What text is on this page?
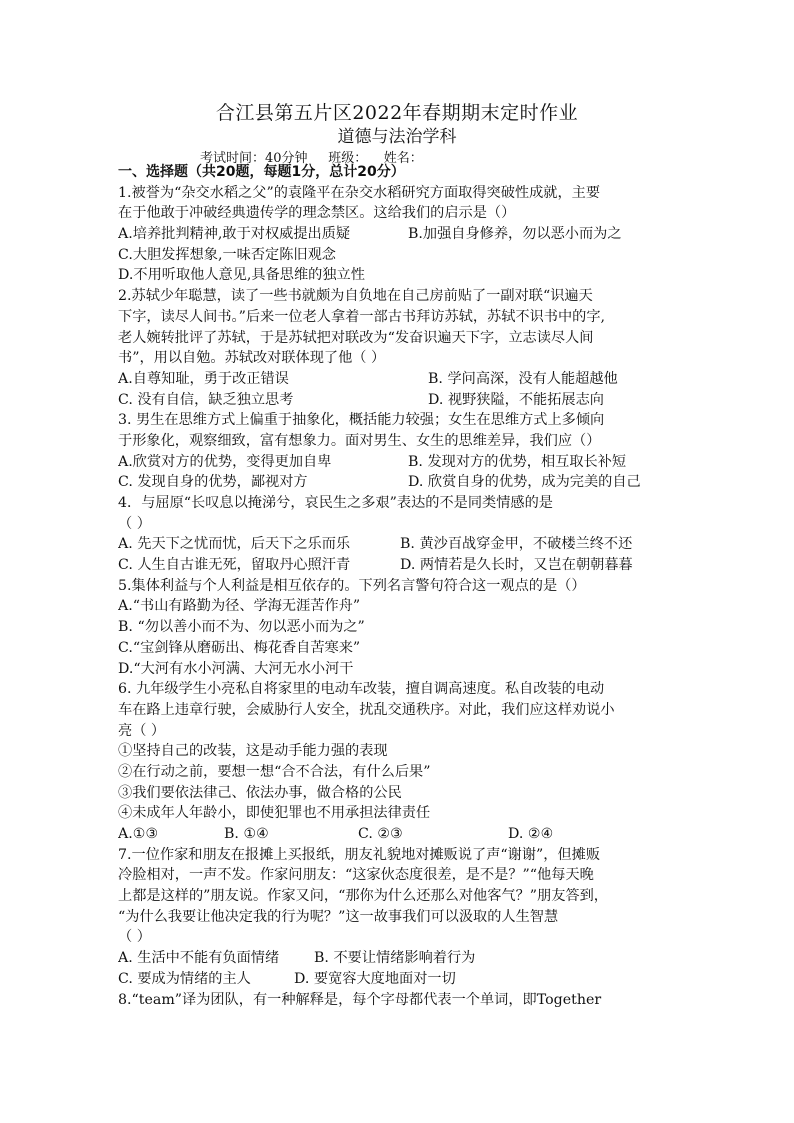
合江县第五片区2022年春期期末定时作业
道德与法治学科
考试时间：40分钟     班级：    姓名：
一、选择题（共20题，每题1分，总计20分）
1.被誉为“杂交水稻之父”的袁隆平在杂交水稻研究方面取得突破性成就，主要
在于他敢于冲破经典遗传学的理念禁区。这给我们的启示是（）
A.培养批判精神,敢于对权威提出质疑	B.加强自身修养，勿以恶小而为之
C.大胆发挥想象,一味否定陈旧观念
D.不用听取他人意见,具备思维的独立性
2.苏轼少年聪慧，读了一些书就颇为自负地在自己房前贴了一副对联“识遍天
下字，读尽人间书。”后来一位老人拿着一部古书拜访苏轼，苏轼不识书中的字,
老人婉转批评了苏轼，于是苏轼把对联改为“发奋识遍天下字，立志读尽人间
书”，用以自勉。苏轼改对联体现了他（ ）
A.自尊知耻，勇于改正错误	B. 学问高深，没有人能超越他
C. 没有自信，缺乏独立思考	D. 视野狭隘，不能拓展志向
3. 男生在思维方式上偏重于抽象化，概括能力较强；女生在思维方式上多倾向
于形象化，观察细致，富有想象力。面对男生、女生的思维差异，我们应（）
A.欣赏对方的优势，变得更加自卑	B. 发现对方的优势，相互取长补短
C. 发现自身的优势，鄙视对方	D. 欣赏自身的优势，成为完美的自己
4．与屈原“长叹息以掩涕兮，哀民生之多艰”表达的不是同类情感的是
（ ）
A. 先天下之忧而忧，后天下之乐而乐	B. 黄沙百战穿金甲，不破楼兰终不还
C. 人生自古谁无死，留取丹心照汗青	D. 两情若是久长时，又岂在朝朝暮暮
5.集体利益与个人利益是相互依存的。下列名言警句符合这一观点的是（）
A.“书山有路勤为径、学海无涯苦作舟”
B. “勿以善小而不为、勿以恶小而为之”
C.“宝剑锋从磨砺出、梅花香自苦寒来”
D.“大河有水小河满、大河无水小河干
6. 九年级学生小亮私自将家里的电动车改装，擅自调高速度。私自改装的电动
车在路上违章行驶，会威胁行人安全，扰乱交通秩序。对此，我们应这样劝说小
亮（ ）
①坚持自己的改装，这是动手能力强的表现
②在行动之前，要想一想“合不合法，有什么后果”
③我们要依法律己、依法办事，做合格的公民
④未成年人年龄小，即使犯罪也不用承担法律责任
A.①③	B. ①④	C. ②③	D. ②④
7.一位作家和朋友在报摊上买报纸，朋友礼貌地对摊贩说了声“谢谢”，但摊贩
冷脸相对，一声不发。作家问朋友：“这家伙态度很差，是不是？”“他每天晚
上都是这样的”朋友说。作家又问，“那你为什么还那么对他客气？”朋友答到，
“为什么我要让他决定我的行为呢？”这一故事我们可以汲取的人生智慧
（ ）
A. 生活中不能有负面情绪	B. 不要让情绪影响着行为
C. 要成为情绪的主人	D. 要宽容大度地面对一切
8.“team”译为团队，有一种解释是，每个字母都代表一个单词，即Together
